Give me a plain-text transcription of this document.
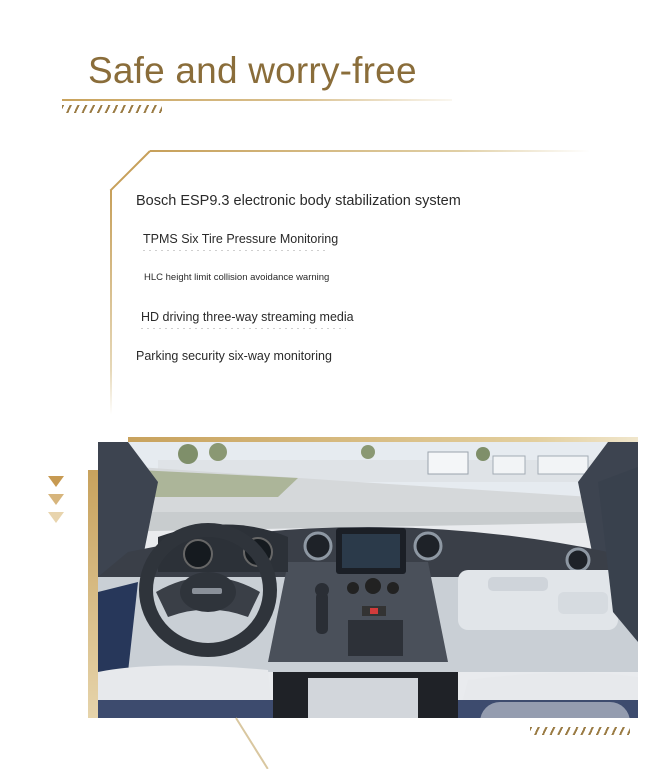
Safe and worry-free
Bosch ESP9.3 electronic body stabilization system
TPMS Six Tire Pressure Monitoring
HLC height limit collision avoidance warning
HD driving three-way streaming media
Parking security six-way monitoring
